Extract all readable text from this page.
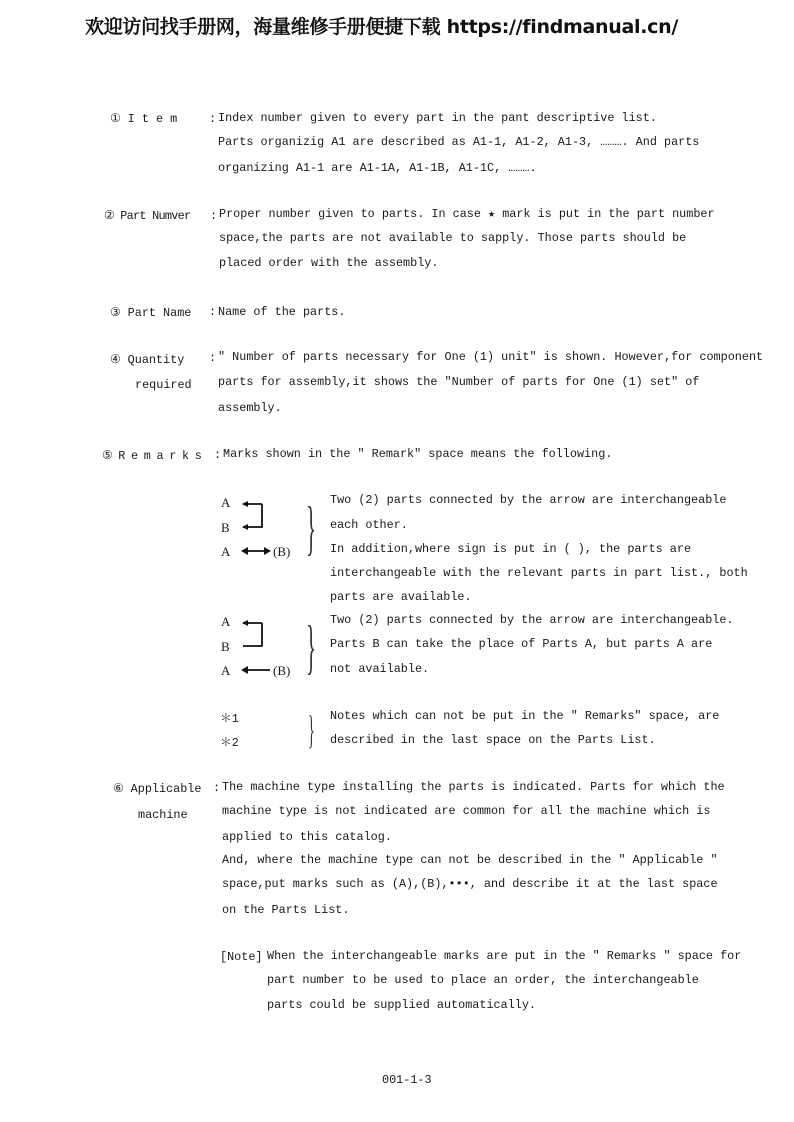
欢迎访问找手册网，海量维修手册便捷下载 https://findmanual.cn/
① I t e m	: Index number given to every part in the pant descriptive list.
Parts organizig A1 are described as A1-1, A1-2, A1-3, ………. And parts
organizing A1-1 are A1-1A, A1-1B, A1-1C, ……….
② Part Numver : Proper number given to parts. In case ★ mark is put in the part number
space,the parts are not available to sapply. Those parts should be
placed order with the assembly.
③ Part Name : Name of the parts.
④ Quantity
required
: " Number of parts necessary for One (1) unit" is shown. However,for component
parts for assembly,it shows the "Number of parts for One (1) set" of
assembly.
⑤ R e m a r k s : Marks shown in the " Remark" space means the following.
A
B
A	(B) } Two (2) parts connected by the arrow are interchangeable
each other.
In addition,where sign is put in ( ), the parts are
interchangeable with the relevant parts in part list., both
parts are available.
A
B
A	(B) } Two (2) parts connected by the arrow are interchangeable.
Parts B can take the place of Parts A, but parts A are
not available.
＊1
＊2 } Notes which can not be put in the " Remarks" space, are
described in the last space on the Parts List.
⑥ Applicable
machine
: The machine type installing the parts is indicated. Parts for which the
machine type is not indicated are common for all the machine which is
applied to this catalog.
And, where the machine type can not be described in the " Applicable "
space,put marks such as (A),(B),•••, and describe it at the last space
on the Parts List.
[Note] When the interchangeable marks are put in the " Remarks " space for
part number to be used to place an order, the interchangeable
parts could be supplied automatically.
001-1-3
